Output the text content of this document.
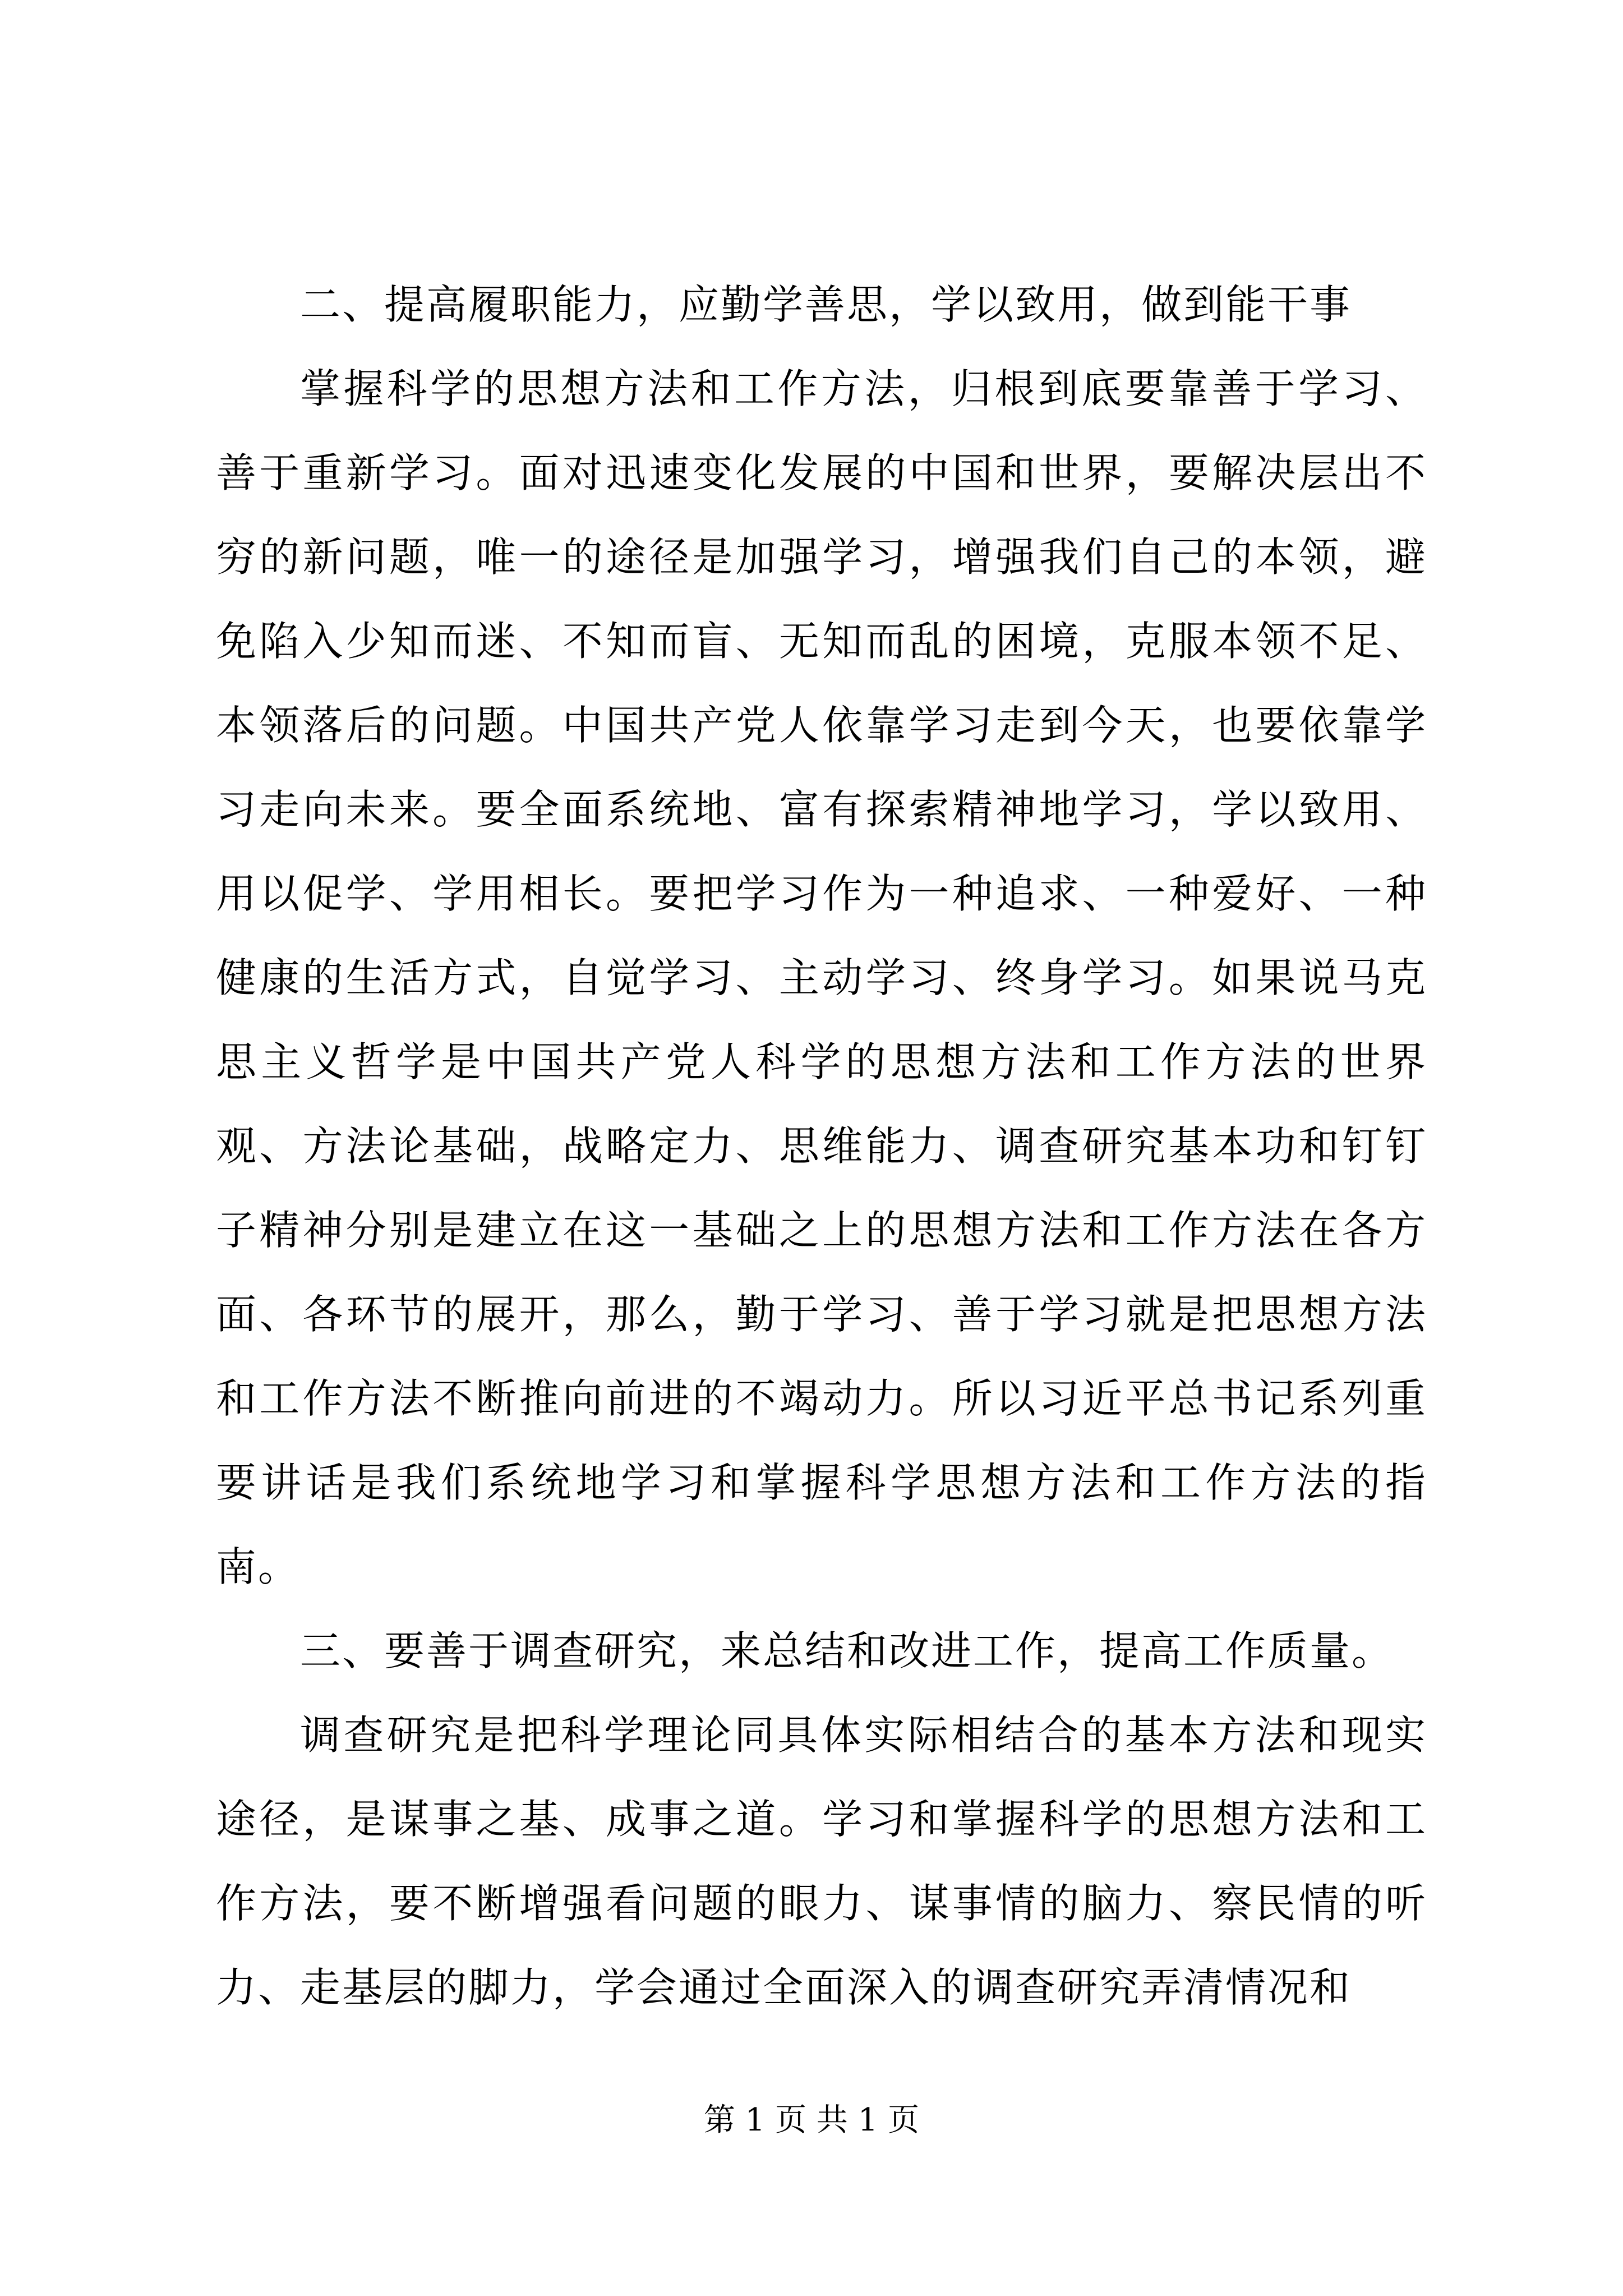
二、提高履职能力，应勤学善思，学以致用，做到能干事

掌握科学的思想方法和工作方法，归根到底要靠善于学习、善于重新学习。面对迅速变化发展的中国和世界，要解决层出不穷的新问题，唯一的途径是加强学习，增强我们自己的本领，避免陷入少知而迷、不知而盲、无知而乱的困境，克服本领不足、本领落后的问题。中国共产党人依靠学习走到今天，也要依靠学习走向未来。要全面系统地、富有探索精神地学习，学以致用、用以促学、学用相长。要把学习作为一种追求、一种爱好、一种健康的生活方式，自觉学习、主动学习、终身学习。如果说马克思主义哲学是中国共产党人科学的思想方法和工作方法的世界观、方法论基础，战略定力、思维能力、调查研究基本功和钉钉子精神分别是建立在这一基础之上的思想方法和工作方法在各方面、各环节的展开，那么，勤于学习、善于学习就是把思想方法和工作方法不断推向前进的不竭动力。所以习近平总书记系列重要讲话是我们系统地学习和掌握科学思想方法和工作方法的指南。

三、要善于调查研究，来总结和改进工作，提高工作质量。

调查研究是把科学理论同具体实际相结合的基本方法和现实途径，是谋事之基、成事之道。学习和掌握科学的思想方法和工作方法，要不断增强看问题的眼力、谋事情的脑力、察民情的听力、走基层的脚力，学会通过全面深入的调查研究弄清情况和

第 1 页 共 1 页
